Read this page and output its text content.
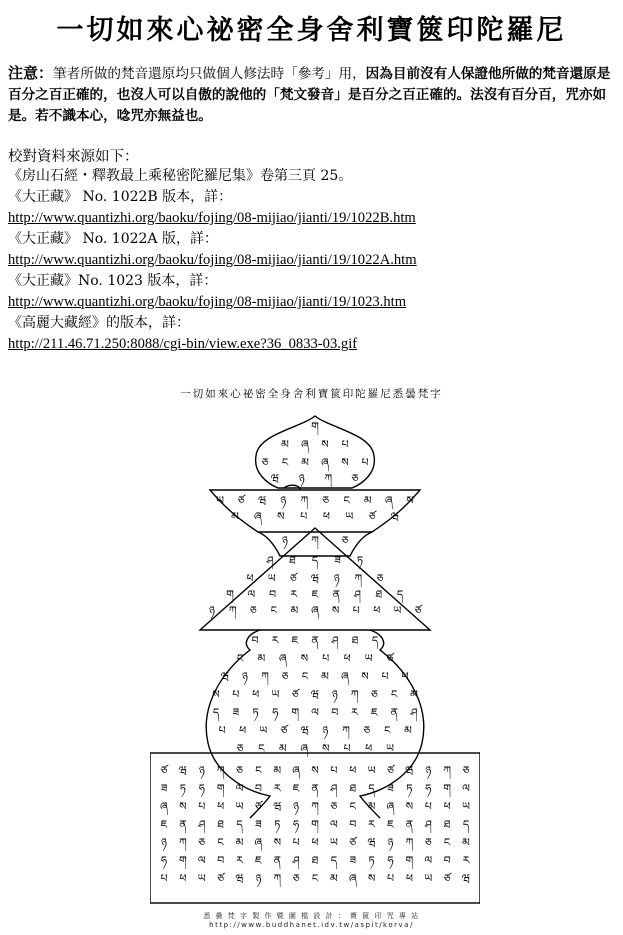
一切如來心祕密全身舍利寶篋印陀羅尼

注意：筆者所做的梵音還原均只做個人修法時「參考」用，因為目前沒有人保證他所做的梵音還原是百分之百正確的，也沒人可以自傲的說他的「梵文發音」是百分之百正確的。法沒有百分百，咒亦如是。若不識本心，唸咒亦無益也。

校對資料來源如下：

《房山石經・釋教最上乘秘密陀羅尼集》卷第三頁 25。
《大正藏》 No. 1022B 版本，詳：
http://www.quantizhi.org/baoku/fojing/08-mijiao/jianti/19/1022B.htm
《大正藏》 No. 1022A 版，詳：
http://www.quantizhi.org/baoku/fojing/08-mijiao/jianti/19/1022A.htm
《大正藏》No. 1023 版本，詳：
http://www.quantizhi.org/baoku/fojing/08-mijiao/jianti/19/1023.htm
《高麗大藏經》的版本，詳：
http://211.46.71.250:8088/cgi-bin/view.exe?36_0833-03.gif
一切如來心祕密全身舍利寶篋印陀羅尼悉曇梵字
ག
མ ཞ ས པ
ཅ ང མ ཞ ས པ
ཝ ཉ ཀ ཅ
ཡ ཙ ཝ ཉ ཀ ཅ ང མ ཞ ས
མ ཞ ས པ ཕ ཡ ཙ ཝ
ཉ ཀ ཅ
ཤ ཐ ད ཟ ཏ
ཕ ཡ ཙ ཝ ཉ ཀ ཅ
ག ལ བ ར ཇ ན ཤ ཐ ད
ཉ ཀ ཅ ང མ ཞ ས པ ཕ ཡ ཙ
བ ར ཇ ན ཤ ཐ ད
ང མ ཞ ས པ ཕ ཡ ཙ
ཝ ཉ ཀ ཅ ང མ ཞ ས པ ཕ
ས པ ཕ ཡ ཙ ཝ ཉ ཀ ཅ ང མ
ད ཟ ཏ ཧ ག ལ བ ར ཇ ན ཤ
པ ཕ ཡ ཙ ཝ ཉ ཀ ཅ ང མ
ཅ ང མ ཞ ས པ ཕ ཡ
ཙ ཝ ཉ ཀ ཅ ང མ ཞ ས པ ཕ ཡ ཙ ཝ ཉ ཀ ཅ
ཟ ཏ ཧ ག ལ བ ར ཇ ན ཤ ཐ ད ཟ ཏ ཧ ག ལ
ཞ ས པ ཕ ཡ ཙ ཝ ཉ ཀ ཅ ང མ ཞ ས པ ཕ ཡ
ཇ ན ཤ ཐ ད ཟ ཏ ཧ ག ལ བ ར ཇ ན ཤ ཐ ད
ཉ ཀ ཅ ང མ ཞ ས པ ཕ ཡ ཙ ཝ ཉ ཀ ཅ ང མ
ཧ ག ལ བ ར ཇ ན ཤ ཐ ད ཟ ཏ ཧ ག ལ བ ར
པ ཕ ཡ ཙ ཝ ཉ ཀ ཅ ང མ ཞ ས པ ཕ ཡ ཙ ཝ
悉 曇 梵 字 製 作 暨 圖 檔 設 計 ： 寶 篋 印 咒 專 站
http://www.buddhanet.idv.tw/aspit/korva/
